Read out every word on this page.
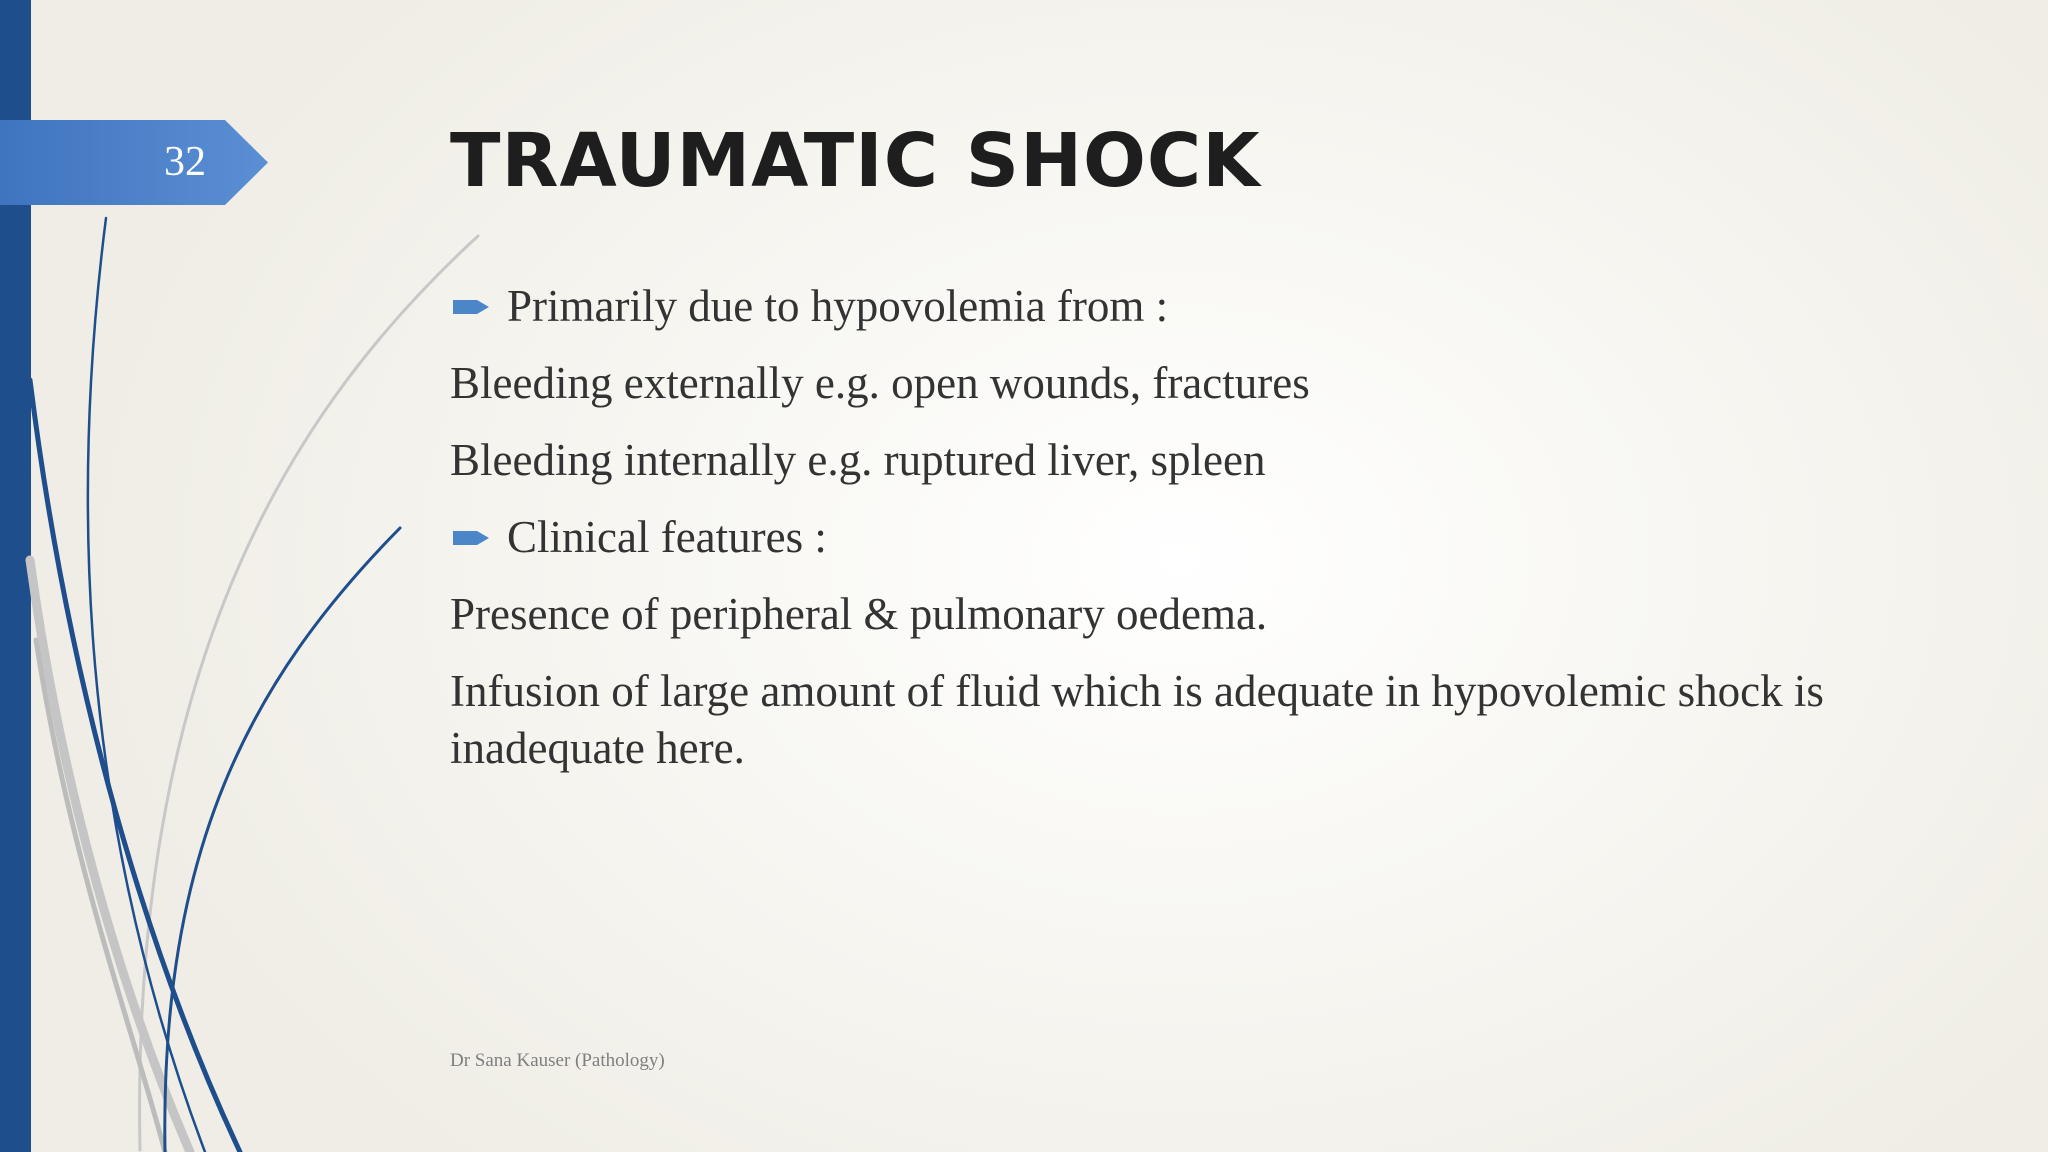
32	TRAUMATIC SHOCK
Primarily due to hypovolemia from :
Bleeding externally e.g. open wounds, fractures
Bleeding internally e.g. ruptured liver, spleen
Clinical features :
Presence of peripheral & pulmonary oedema.
Infusion of large amount of fluid which is adequate in hypovolemic shock is inadequate here.
Dr Sana Kauser (Pathology)
